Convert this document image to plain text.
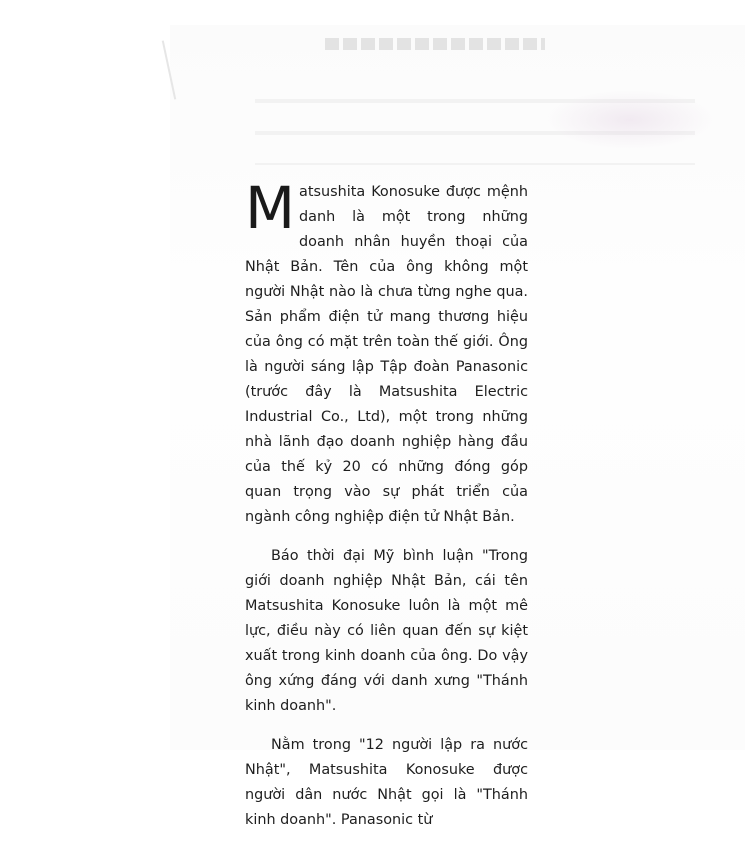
Matsushita Konosuke được mệnh danh là một trong những doanh nhân huyền thoại của Nhật Bản. Tên của ông không một người Nhật nào là chưa từng nghe qua. Sản phẩm điện tử mang thương hiệu của ông có mặt trên toàn thế giới. Ông là người sáng lập Tập đoàn Panasonic (trước đây là Matsushita Electric Industrial Co., Ltd), một trong những nhà lãnh đạo doanh nghiệp hàng đầu của thế kỷ 20 có những đóng góp quan trọng vào sự phát triển của ngành công nghiệp điện tử Nhật Bản.

Báo thời đại Mỹ bình luận "Trong giới doanh nghiệp Nhật Bản, cái tên Matsushita Konosuke luôn là một mê lực, điều này có liên quan đến sự kiệt xuất trong kinh doanh của ông. Do vậy ông xứng đáng với danh xưng "Thánh kinh doanh".

Nằm trong "12 người lập ra nước Nhật", Matsushita Konosuke được người dân nước Nhật gọi là "Thánh kinh doanh". Panasonic từ
